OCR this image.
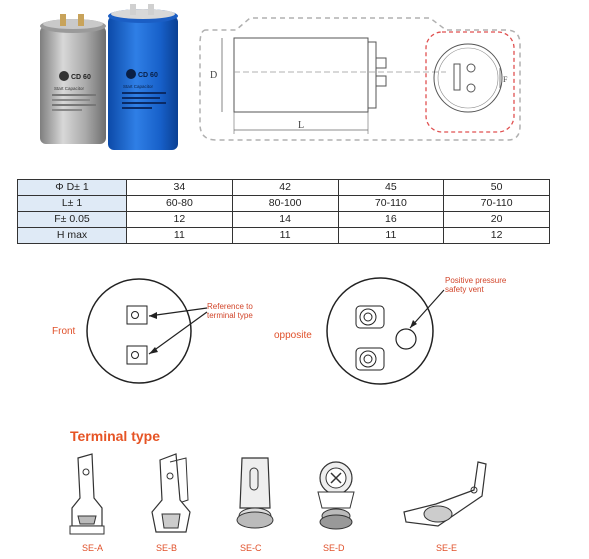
CD 60
Start Capacitor
CD 60
Start Capacitor
D
L
F
Φ D± 1	34	42	45	50
L± 1	60-80	80-100	70-110	70-110
F± 0.05	12	14	16	20
H max	11	11	11	12
Front	opposite
Reference to
terminal type
Positive pressure
safety vent
Terminal type
SE-A	SE-B	SE-C	SE-D	SE-E
